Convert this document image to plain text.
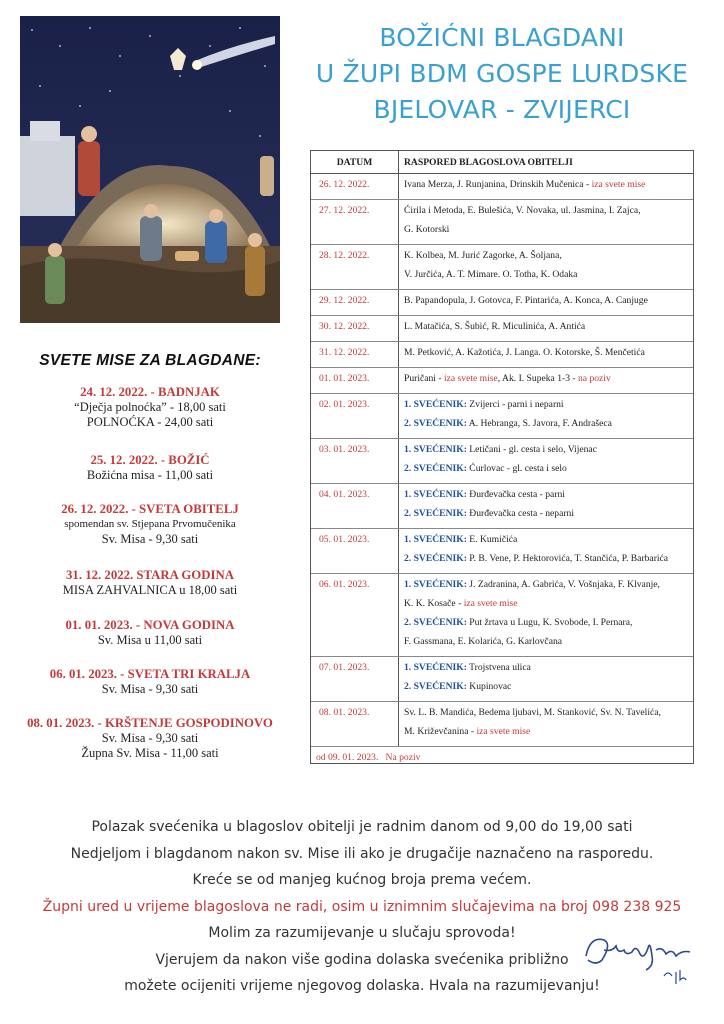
BOŽIĆNI BLAGDANI
U ŽUPI BDM GOSPE LURDSKE
BJELOVAR - ZVIJERCI
DATUM	RASPORED BLAGOSLOVA OBITELJI
26. 12. 2022.	Ivana Merza, J. Runjanina, Drinskih Mučenica - iza svete mise

27. 12. 2022.	Ćirila i Metoda, E. Bulešića, V. Novaka, ul. Jasmina, I. Zajca,
G. Kotorski

28. 12. 2022.	K. Kolbea, M. Jurić Zagorke, A. Šoljana,
V. Jurčića, A. T. Mimare. O. Totha, K. Odaka

29. 12. 2022.	B. Papandopula, J. Gotovca, F. Pintarića, A. Konca, A. Canjuge

30. 12. 2022.	L. Matačića, S. Šubić, R. Miculinića, A. Antića

31. 12. 2022.	M. Petković, A. Kažotića, J. Langa. O. Kotorske, Š. Menčetića

01. 01. 2023.	Puričani - iza svete mise, Ak. I. Supeka 1-3 - na poziv

02. 01. 2023.	1. SVEĆENIK: Zvijerci - parni i neparni
2. SVEĆENIK: A. Hebranga, S. Javora, F. Andrašeca

03. 01. 2023.	1. SVEĆENIK: Letičani - gl. cesta i selo, Vijenac
2. SVEĆENIK: Ćurlovac - gl. cesta i selo

04. 01. 2023.	1. SVEĆENIK: Đurđevačka cesta - parni
2. SVEĆENIK: Đurđevačka cesta - neparni

05. 01. 2023.	1. SVEĆENIK: E. Kumičića
2. SVEĆENIK: P. B. Vene, P. Hektorovića, T. Stančića, P. Barbarića

06. 01. 2023.	1. SVEĆENIK: J. Zadranina, A. Gabrića, V. Vošnjaka, F. Klvanje,
K. K. Kosače - iza svete mise
2. SVEĆENIK: Put žrtava u Lugu, K. Svobode, I. Pernara,
F. Gassmana, E. Kolarića, G. Karlovčana

07. 01. 2023.	1. SVEĆENIK: Trojstvena ulica
2. SVEĆENIK: Kupinovac

08. 01. 2023.	Sv. L. B. Mandića, Bedema ljubavi, M. Stanković, Sv. N. Tavelića,
M. Križevčanina - iza svete mise

od 09. 01. 2023.   Na poziv	
SVETE MISE ZA BLAGDANE:
24. 12. 2022. - BADNJAK
“Dječja polnoćka” - 18,00 sati
POLNOĆKA - 24,00 sati
25. 12. 2022. - BOŽIĆ
Božićna misa - 11,00 sati
26. 12. 2022. - SVETA OBITELJ
spomendan sv. Stjepana Prvomučenika
Sv. Misa - 9,30 sati
31. 12. 2022. STARA GODINA
MISA ZAHVALNICA u 18,00 sati
01. 01. 2023. - NOVA GODINA
Sv. Misa u 11,00 sati
06. 01. 2023. - SVETA TRI KRALJA
Sv. Misa - 9,30 sati
08. 01. 2023. - KRŠTENJE GOSPODINOVO
Sv. Misa - 9,30 sati
Župna Sv. Misa - 11,00 sati
Polazak svećenika u blagoslov obitelji je radnim danom od 9,00 do 19,00 sati
Nedjeljom i blagdanom nakon sv. Mise ili ako je drugačije naznačeno na rasporedu.
Kreće se od manjeg kućnog broja prema većem.
Župni ured u vrijeme blagoslova ne radi, osim u iznimnim slučajevima na broj 098 238 925
Molim za razumijevanje u slučaju sprovoda!
Vjerujem da nakon više godina dolaska svećenika približno
možete ocijeniti vrijeme njegovog dolaska. Hvala na razumijevanju!
